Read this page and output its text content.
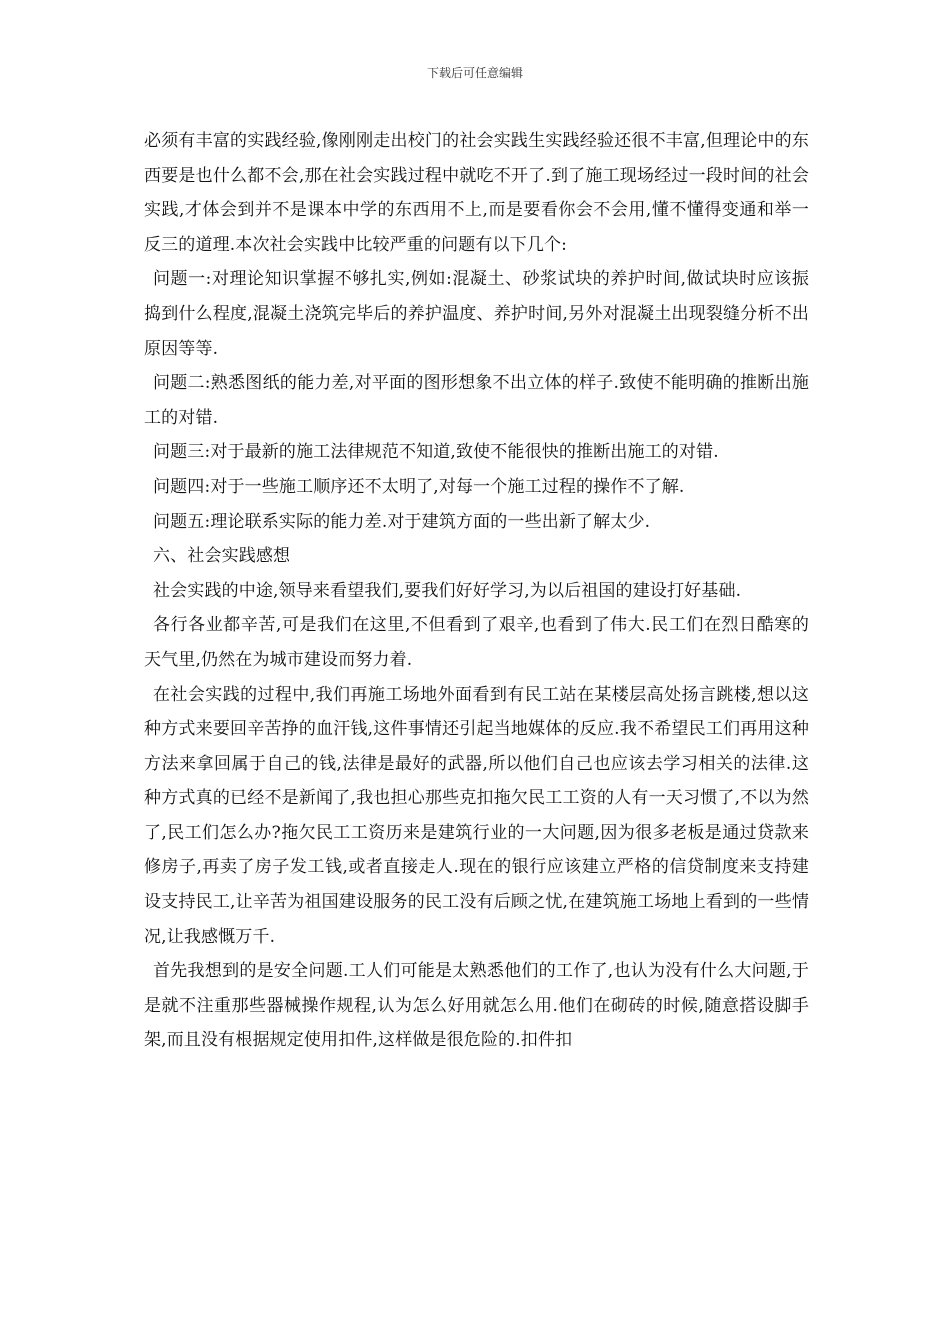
下载后可任意编辑

必须有丰富的实践经验,像刚刚走出校门的社会实践生实践经验还很不丰富,但理论中的东西要是也什么都不会,那在社会实践过程中就吃不开了.到了施工现场经过一段时间的社会实践,才体会到并不是课本中学的东西用不上,而是要看你会不会用,懂不懂得变通和举一反三的道理.本次社会实践中比较严重的问题有以下几个:

问题一:对理论知识掌握不够扎实,例如:混凝土、砂浆试块的养护时间,做试块时应该振捣到什么程度,混凝土浇筑完毕后的养护温度、养护时间,另外对混凝土出现裂缝分析不出原因等等.

问题二:熟悉图纸的能力差,对平面的图形想象不出立体的样子.致使不能明确的推断出施工的对错.

问题三:对于最新的施工法律规范不知道,致使不能很快的推断出施工的对错.

问题四:对于一些施工顺序还不太明了,对每一个施工过程的操作不了解.

问题五:理论联系实际的能力差.对于建筑方面的一些出新了解太少.

六、社会实践感想

社会实践的中途,领导来看望我们,要我们好好学习,为以后祖国的建设打好基础.

各行各业都辛苦,可是我们在这里,不但看到了艰辛,也看到了伟大.民工们在烈日酷寒的天气里,仍然在为城市建设而努力着.

在社会实践的过程中,我们再施工场地外面看到有民工站在某楼层高处扬言跳楼,想以这种方式来要回辛苦挣的血汗钱,这件事情还引起当地媒体的反应.我不希望民工们再用这种方法来拿回属于自己的钱,法律是最好的武器,所以他们自己也应该去学习相关的法律.这种方式真的已经不是新闻了,我也担心那些克扣拖欠民工工资的人有一天习惯了,不以为然了,民工们怎么办?拖欠民工工资历来是建筑行业的一大问题,因为很多老板是通过贷款来修房子,再卖了房子发工钱,或者直接走人.现在的银行应该建立严格的信贷制度来支持建设支持民工,让辛苦为祖国建设服务的民工没有后顾之忧,在建筑施工场地上看到的一些情况,让我感慨万千.

首先我想到的是安全问题.工人们可能是太熟悉他们的工作了,也认为没有什么大问题,于是就不注重那些器械操作规程,认为怎么好用就怎么用.他们在砌砖的时候,随意搭设脚手架,而且没有根据规定使用扣件,这样做是很危险的.扣件扣
